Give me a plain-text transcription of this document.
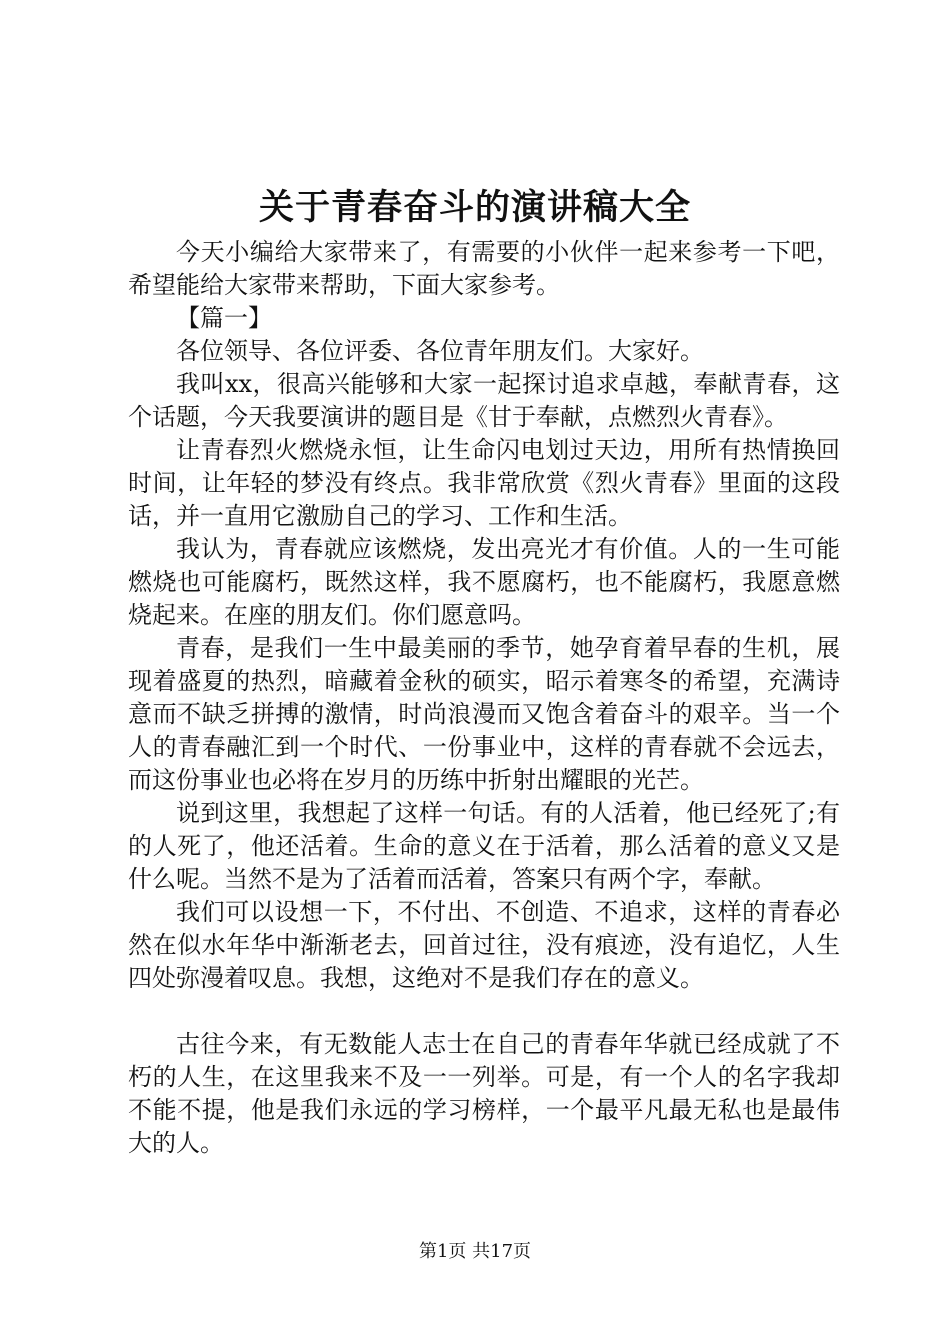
关于青春奋斗的演讲稿大全

今天小编给大家带来了，有需要的小伙伴一起来参考一下吧，希望能给大家带来帮助，下面大家参考。

【篇一】

各位领导、各位评委、各位青年朋友们。大家好。

我叫xx，很高兴能够和大家一起探讨追求卓越，奉献青春，这个话题，今天我要演讲的题目是《甘于奉献，点燃烈火青春》。

让青春烈火燃烧永恒，让生命闪电划过天边，用所有热情换回时间，让年轻的梦没有终点。我非常欣赏《烈火青春》里面的这段话，并一直用它激励自己的学习、工作和生活。

我认为，青春就应该燃烧，发出亮光才有价值。人的一生可能燃烧也可能腐朽，既然这样，我不愿腐朽，也不能腐朽，我愿意燃烧起来。在座的朋友们。你们愿意吗。

青春，是我们一生中最美丽的季节，她孕育着早春的生机，展现着盛夏的热烈，暗藏着金秋的硕实，昭示着寒冬的希望，充满诗意而不缺乏拼搏的激情，时尚浪漫而又饱含着奋斗的艰辛。当一个人的青春融汇到一个时代、一份事业中，这样的青春就不会远去，而这份事业也必将在岁月的历练中折射出耀眼的光芒。

说到这里，我想起了这样一句话。有的人活着，他已经死了;有的人死了，他还活着。生命的意义在于活着，那么活着的意义又是什么呢。当然不是为了活着而活着，答案只有两个字，奉献。

我们可以设想一下，不付出、不创造、不追求，这样的青春必然在似水年华中渐渐老去，回首过往，没有痕迹，没有追忆，人生四处弥漫着叹息。我想，这绝对不是我们存在的意义。

古往今来，有无数能人志士在自己的青春年华就已经成就了不朽的人生，在这里我来不及一一列举。可是，有一个人的名字我却不能不提，他是我们永远的学习榜样，一个最平凡最无私也是最伟大的人。

第1页 共17页
